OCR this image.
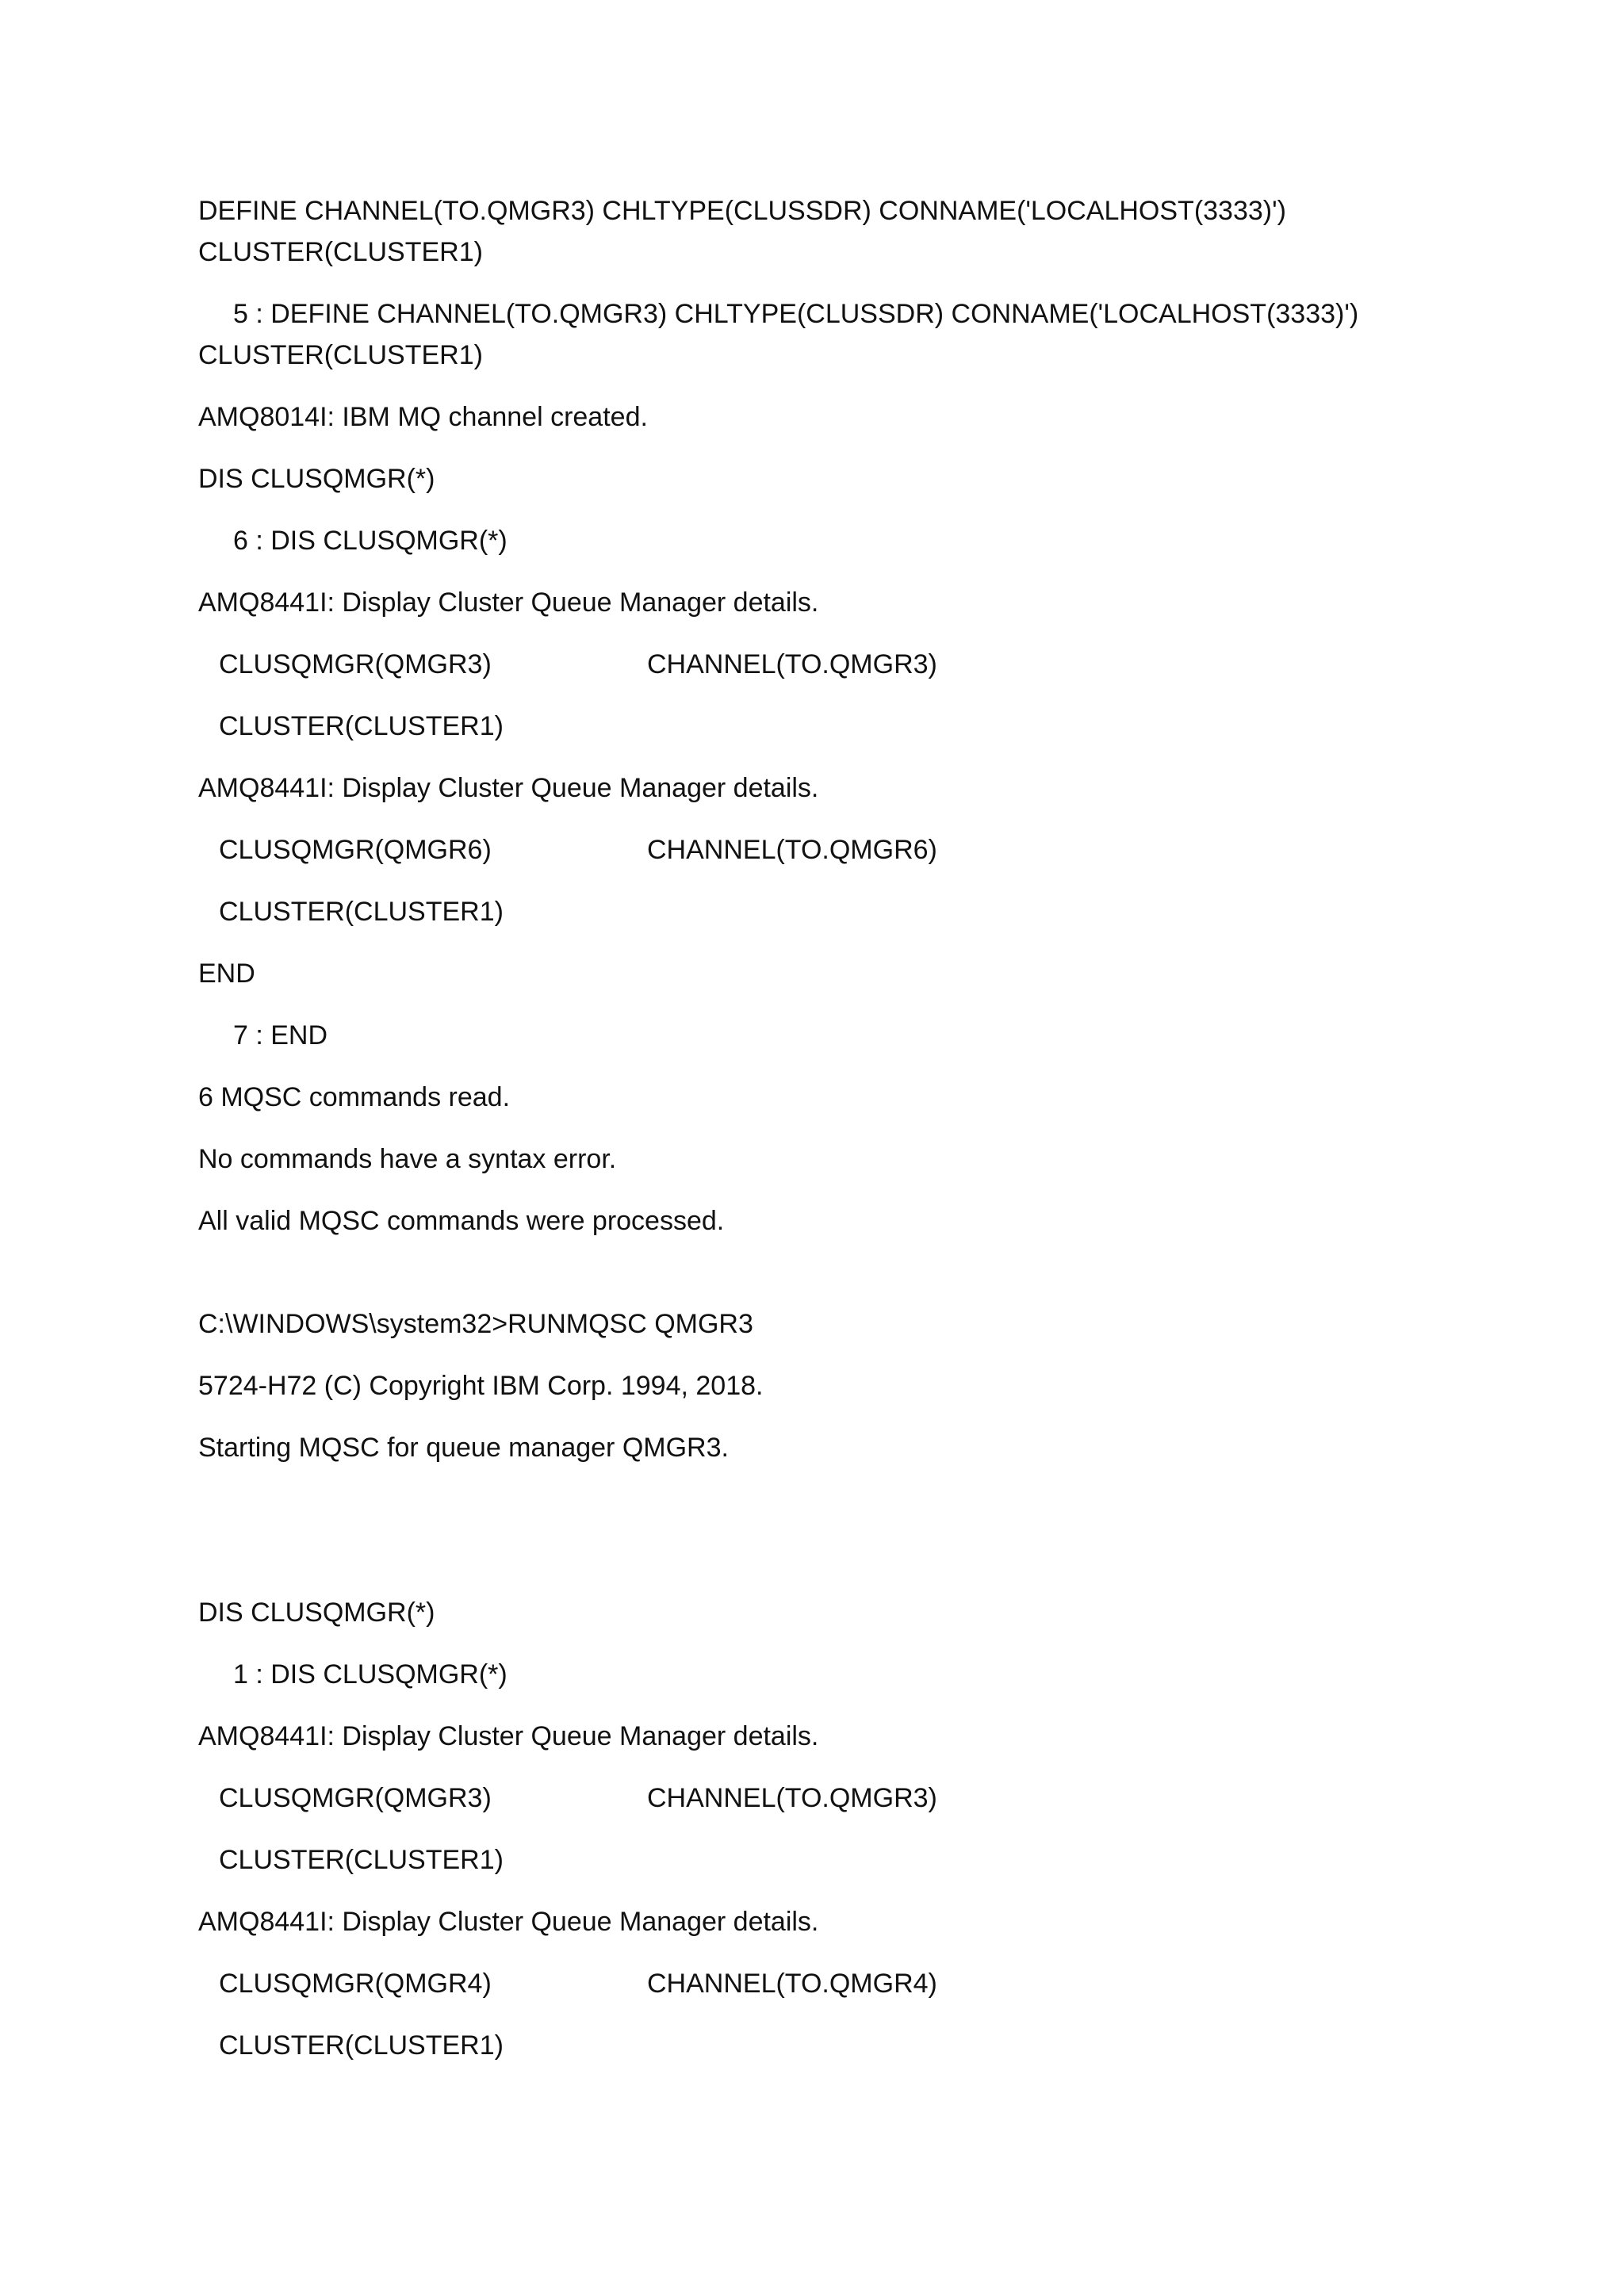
DEFINE CHANNEL(TO.QMGR3) CHLTYPE(CLUSSDR) CONNAME('LOCALHOST(3333)')
CLUSTER(CLUSTER1)
5 : DEFINE CHANNEL(TO.QMGR3) CHLTYPE(CLUSSDR) CONNAME('LOCALHOST(3333)')
CLUSTER(CLUSTER1)
AMQ8014I: IBM MQ channel created.
DIS CLUSQMGR(*)
6 : DIS CLUSQMGR(*)
AMQ8441I: Display Cluster Queue Manager details.
CLUSQMGR(QMGR3)	CHANNEL(TO.QMGR3)
CLUSTER(CLUSTER1)
AMQ8441I: Display Cluster Queue Manager details.
CLUSQMGR(QMGR6)	CHANNEL(TO.QMGR6)
CLUSTER(CLUSTER1)
END
7 : END
6 MQSC commands read.
No commands have a syntax error.
All valid MQSC commands were processed.
C:\WINDOWS\system32>RUNMQSC QMGR3
5724-H72 (C) Copyright IBM Corp. 1994, 2018.
Starting MQSC for queue manager QMGR3.
DIS CLUSQMGR(*)
1 : DIS CLUSQMGR(*)
AMQ8441I: Display Cluster Queue Manager details.
CLUSQMGR(QMGR3)	CHANNEL(TO.QMGR3)
CLUSTER(CLUSTER1)
AMQ8441I: Display Cluster Queue Manager details.
CLUSQMGR(QMGR4)	CHANNEL(TO.QMGR4)
CLUSTER(CLUSTER1)
